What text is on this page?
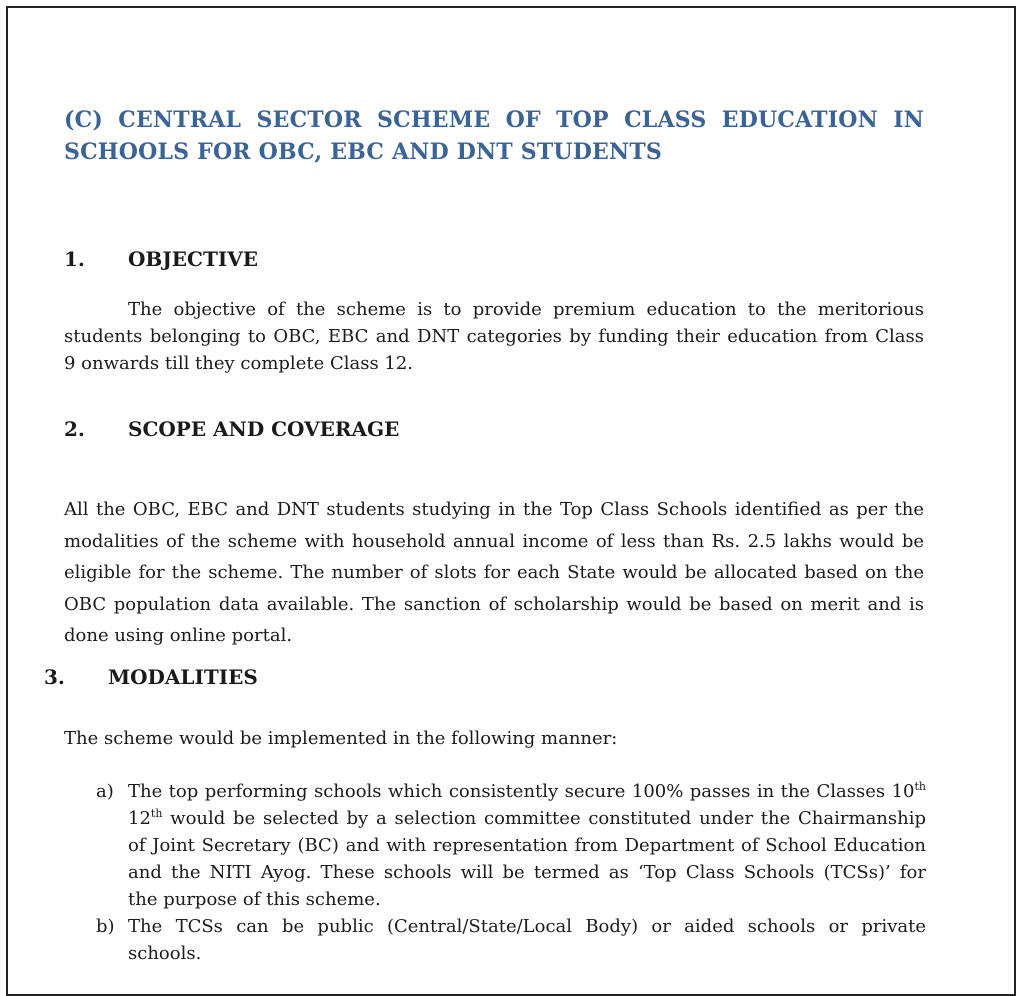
(C) CENTRAL SECTOR SCHEME OF TOP CLASS EDUCATION IN
SCHOOLS FOR OBC, EBC AND DNT STUDENTS
1. OBJECTIVE
The objective of the scheme is to provide premium education to the meritorious
students belonging to OBC, EBC and DNT categories by funding their education from Class
9 onwards till they complete Class 12.
2. SCOPE AND COVERAGE
All the OBC, EBC and DNT students studying in the Top Class Schools identified as per the
modalities of the scheme with household annual income of less than Rs. 2.5 lakhs would be
eligible for the scheme. The number of slots for each State would be allocated based on the
OBC population data available. The sanction of scholarship would be based on merit and is
done using online portal.
3. MODALITIES
The scheme would be implemented in the following manner:
a) The top performing schools which consistently secure 100% passes in the Classes 10th
12th would be selected by a selection committee constituted under the Chairmanship
of Joint Secretary (BC) and with representation from Department of School Education
and the NITI Ayog. These schools will be termed as ‘Top Class Schools (TCSs)’ for
the purpose of this scheme.
b) The TCSs can be public (Central/State/Local Body) or aided schools or private
schools.
